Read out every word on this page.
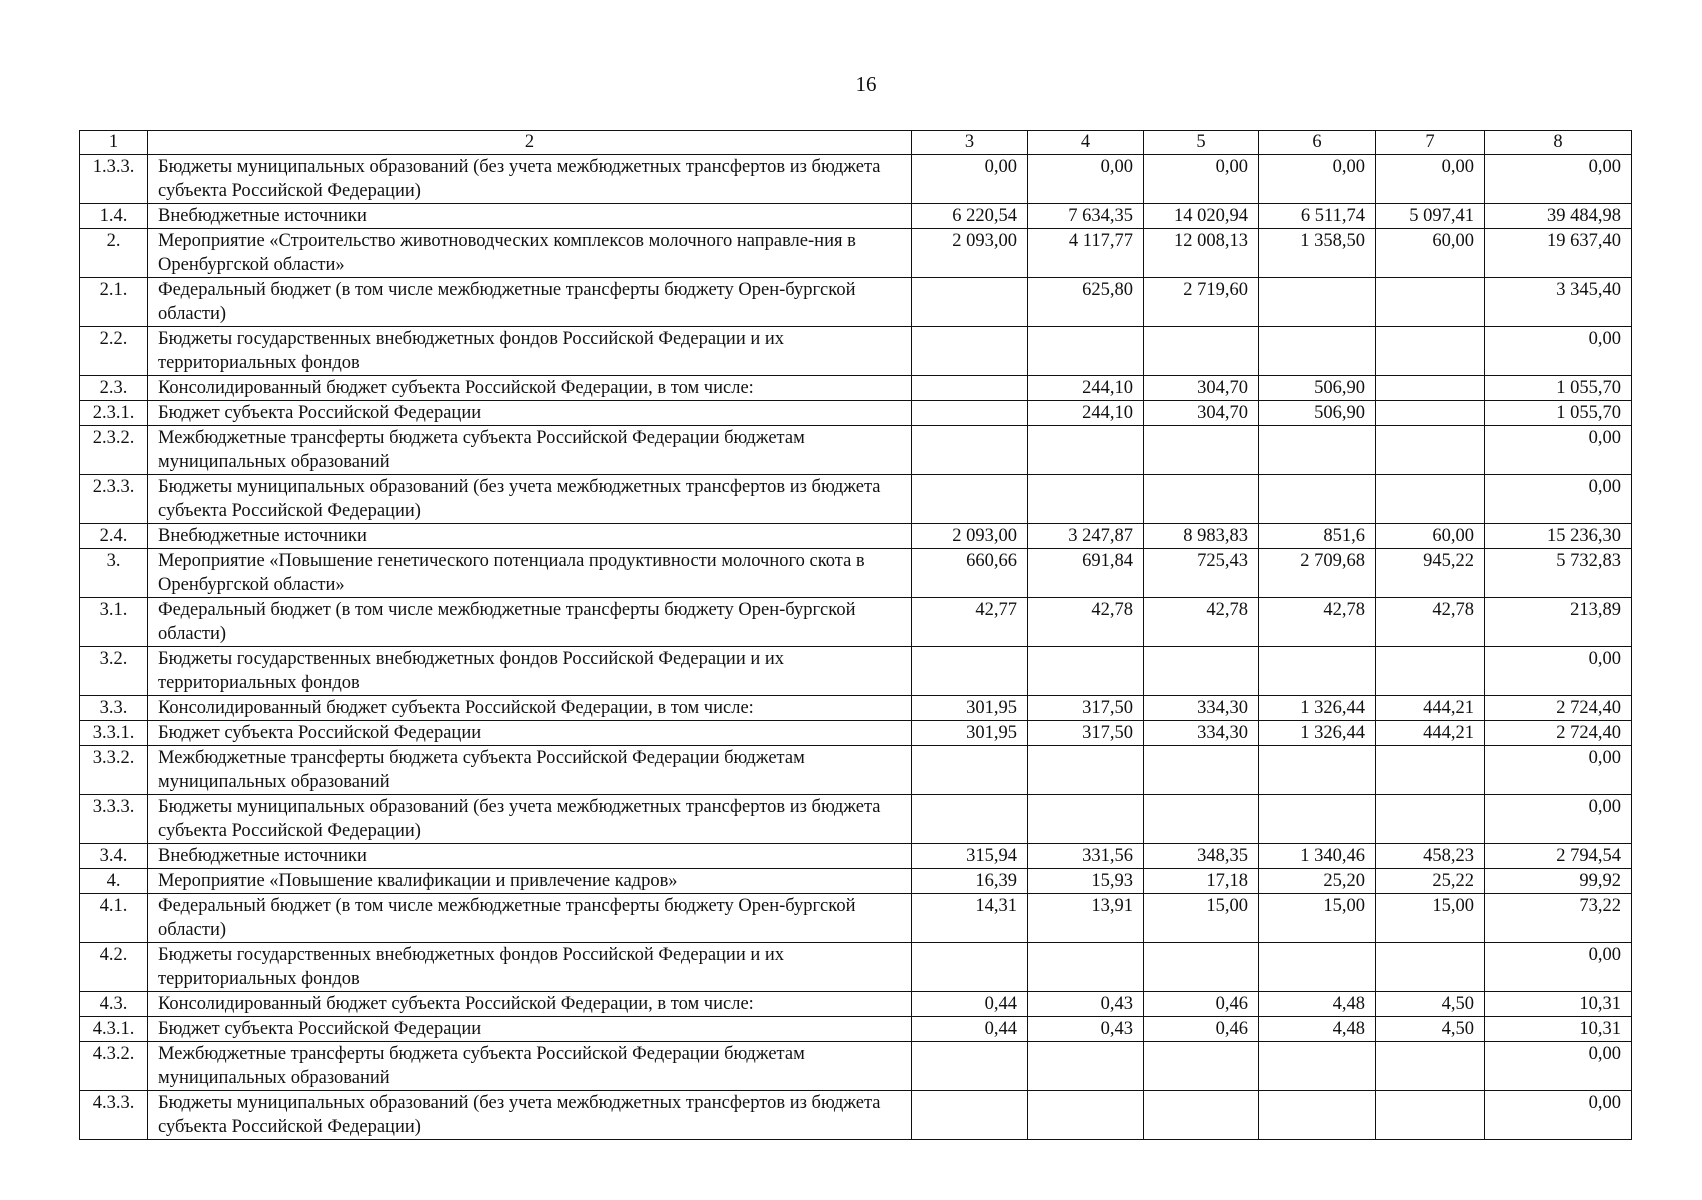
16
1	2	3	4	5	6	7	8
1.3.3.	Бюджеты муниципальных образований (без учета межбюджетных трансфертов из бюджета субъекта Российской Федерации)	0,00	0,00	0,00	0,00	0,00	0,00
1.4.	Внебюджетные источники	6 220,54	7 634,35	14 020,94	6 511,74	5 097,41	39 484,98
2.	Мероприятие «Строительство животноводческих комплексов молочного направле-ния в Оренбургской области»	2 093,00	4 117,77	12 008,13	1 358,50	60,00	19 637,40
2.1.	Федеральный бюджет (в том числе межбюджетные трансферты бюджету Орен-бургской области)		625,80	2 719,60			3 345,40
2.2.	Бюджеты государственных внебюджетных фондов Российской Федерации и их территориальных фондов						0,00
2.3.	Консолидированный бюджет субъекта Российской Федерации, в том числе:		244,10	304,70	506,90		1 055,70
2.3.1.	Бюджет субъекта Российской Федерации		244,10	304,70	506,90		1 055,70
2.3.2.	Межбюджетные трансферты бюджета субъекта Российской Федерации бюджетам муниципальных образований						0,00
2.3.3.	Бюджеты муниципальных образований (без учета межбюджетных трансфертов из бюджета субъекта Российской Федерации)						0,00
2.4.	Внебюджетные источники	2 093,00	3 247,87	8 983,83	851,6	60,00	15 236,30
3.	Мероприятие «Повышение генетического потенциала продуктивности молочного скота в Оренбургской области»	660,66	691,84	725,43	2 709,68	945,22	5 732,83
3.1.	Федеральный бюджет (в том числе межбюджетные трансферты бюджету Орен-бургской области)	42,77	42,78	42,78	42,78	42,78	213,89
3.2.	Бюджеты государственных внебюджетных фондов Российской Федерации и их территориальных фондов						0,00
3.3.	Консолидированный бюджет субъекта Российской Федерации, в том числе:	301,95	317,50	334,30	1 326,44	444,21	2 724,40
3.3.1.	Бюджет субъекта Российской Федерации	301,95	317,50	334,30	1 326,44	444,21	2 724,40
3.3.2.	Межбюджетные трансферты бюджета субъекта Российской Федерации бюджетам муниципальных образований						0,00
3.3.3.	Бюджеты муниципальных образований (без учета межбюджетных трансфертов из бюджета субъекта Российской Федерации)						0,00
3.4.	Внебюджетные источники	315,94	331,56	348,35	1 340,46	458,23	2 794,54
4.	Мероприятие «Повышение квалификации и привлечение кадров»	16,39	15,93	17,18	25,20	25,22	99,92
4.1.	Федеральный бюджет (в том числе межбюджетные трансферты бюджету Орен-бургской области)	14,31	13,91	15,00	15,00	15,00	73,22
4.2.	Бюджеты государственных внебюджетных фондов Российской Федерации и их территориальных фондов						0,00
4.3.	Консолидированный бюджет субъекта Российской Федерации, в том числе:	0,44	0,43	0,46	4,48	4,50	10,31
4.3.1.	Бюджет субъекта Российской Федерации	0,44	0,43	0,46	4,48	4,50	10,31
4.3.2.	Межбюджетные трансферты бюджета субъекта Российской Федерации бюджетам муниципальных образований						0,00
4.3.3.	Бюджеты муниципальных образований (без учета межбюджетных трансфертов из бюджета субъекта Российской Федерации)						0,00
